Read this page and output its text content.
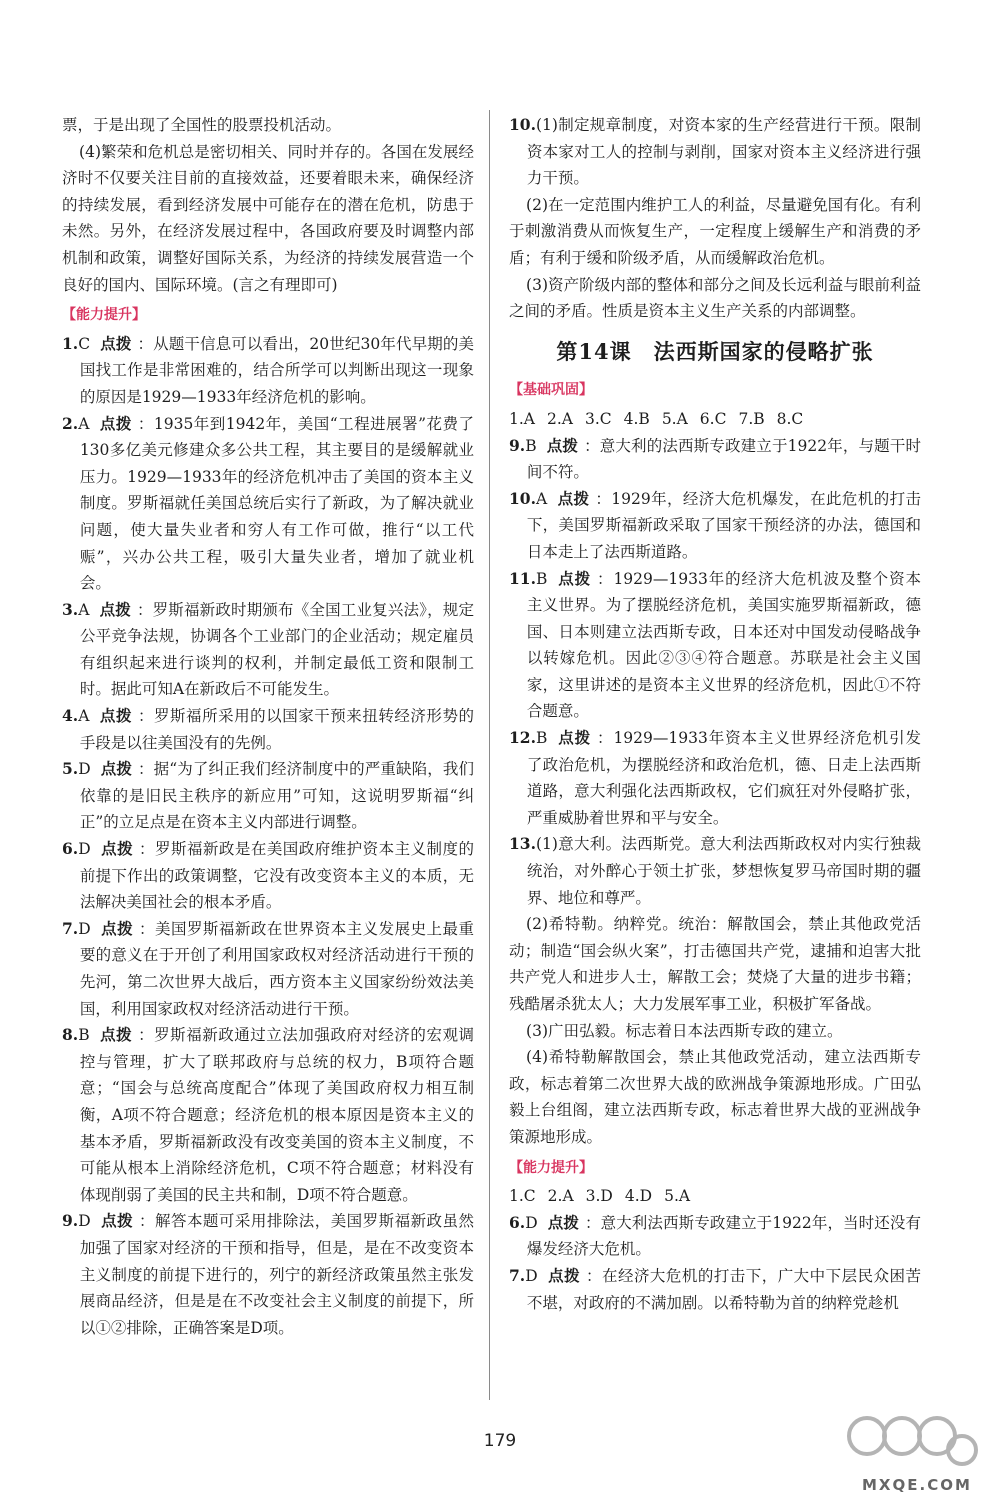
票，于是出现了全国性的股票投机活动。

(4)繁荣和危机总是密切相关、同时并存的。各国在发展经济时不仅要关注目前的直接效益，还要着眼未来，确保经济的持续发展，看到经济发展中可能存在的潜在危机，防患于未然。另外，在经济发展过程中，各国政府要及时调整内部机制和政策，调整好国际关系，为经济的持续发展营造一个良好的国内、国际环境。(言之有理即可)

【能力提升】
1.C 点拨 ：从题干信息可以看出，20世纪30年代早期的美国找工作是非常困难的，结合所学可以判断出现这一现象的原因是1929—1933年经济危机的影响。
2.A 点拨 ：1935年到1942年，美国“工程进展署”花费了130多亿美元修建众多公共工程，其主要目的是缓解就业压力。1929—1933年的经济危机冲击了美国的资本主义制度。罗斯福就任美国总统后实行了新政，为了解决就业问题，使大量失业者和穷人有工作可做，推行“以工代赈”，兴办公共工程，吸引大量失业者，增加了就业机会。
3.A 点拨 ：罗斯福新政时期颁布《全国工业复兴法》，规定公平竞争法规，协调各个工业部门的企业活动；规定雇员有组织起来进行谈判的权利，并制定最低工资和限制工时。据此可知A在新政后不可能发生。
4.A 点拨 ：罗斯福所采用的以国家干预来扭转经济形势的手段是以往美国没有的先例。
5.D 点拨 ：据“为了纠正我们经济制度中的严重缺陷，我们依靠的是旧民主秩序的新应用”可知，这说明罗斯福“纠正”的立足点是在资本主义内部进行调整。
6.D 点拨 ：罗斯福新政是在美国政府维护资本主义制度的前提下作出的政策调整，它没有改变资本主义的本质，无法解决美国社会的根本矛盾。
7.D 点拨 ：美国罗斯福新政在世界资本主义发展史上最重要的意义在于开创了利用国家政权对经济活动进行干预的先河，第二次世界大战后，西方资本主义国家纷纷效法美国，利用国家政权对经济活动进行干预。
8.B 点拨 ：罗斯福新政通过立法加强政府对经济的宏观调控与管理，扩大了联邦政府与总统的权力，B项符合题意；“国会与总统高度配合”体现了美国政府权力相互制衡，A项不符合题意；经济危机的根本原因是资本主义的基本矛盾，罗斯福新政没有改变美国的资本主义制度，不可能从根本上消除经济危机，C项不符合题意；材料没有体现削弱了美国的民主共和制，D项不符合题意。
9.D 点拨 ：解答本题可采用排除法，美国罗斯福新政虽然加强了国家对经济的干预和指导，但是，是在不改变资本主义制度的前提下进行的，列宁的新经济政策虽然主张发展商品经济，但是是在不改变社会主义制度的前提下，所以①②排除，正确答案是D项。
10.(1)制定规章制度，对资本家的生产经营进行干预。限制资本家对工人的控制与剥削，国家对资本主义经济进行强力干预。

(2)在一定范围内维护工人的利益，尽量避免国有化。有利于刺激消费从而恢复生产，一定程度上缓解生产和消费的矛盾；有利于缓和阶级矛盾，从而缓解政治危机。

(3)资产阶级内部的整体和部分之间及长远利益与眼前利益之间的矛盾。性质是资本主义生产关系的内部调整。

第14课 法西斯国家的侵略扩张
【基础巩固】
1.A 2.A 3.C 4.B 5.A 6.C 7.B 8.C
9.B 点拨 ：意大利的法西斯专政建立于1922年，与题干时间不符。
10.A 点拨 ：1929年，经济大危机爆发，在此危机的打击下，美国罗斯福新政采取了国家干预经济的办法，德国和日本走上了法西斯道路。
11.B 点拨 ：1929—1933年的经济大危机波及整个资本主义世界。为了摆脱经济危机，美国实施罗斯福新政，德国、日本则建立法西斯专政，日本还对中国发动侵略战争以转嫁危机。因此②③④符合题意。苏联是社会主义国家，这里讲述的是资本主义世界的经济危机，因此①不符合题意。
12.B 点拨 ：1929—1933年资本主义世界经济危机引发了政治危机，为摆脱经济和政治危机，德、日走上法西斯道路，意大利强化法西斯政权，它们疯狂对外侵略扩张，严重威胁着世界和平与安全。
13.(1)意大利。法西斯党。意大利法西斯政权对内实行独裁统治，对外醉心于领土扩张，梦想恢复罗马帝国时期的疆界、地位和尊严。

(2)希特勒。纳粹党。统治：解散国会，禁止其他政党活动；制造“国会纵火案”，打击德国共产党，逮捕和迫害大批共产党人和进步人士，解散工会；焚烧了大量的进步书籍；残酷屠杀犹太人；大力发展军事工业，积极扩军备战。

(3)广田弘毅。标志着日本法西斯专政的建立。

(4)希特勒解散国会，禁止其他政党活动，建立法西斯专政，标志着第二次世界大战的欧洲战争策源地形成。广田弘毅上台组阁，建立法西斯专政，标志着世界大战的亚洲战争策源地形成。

【能力提升】
1.C 2.A 3.D 4.D 5.A
6.D 点拨 ：意大利法西斯专政建立于1922年，当时还没有爆发经济大危机。
7.D 点拨 ：在经济大危机的打击下，广大中下层民众困苦不堪，对政府的不满加剧。以希特勒为首的纳粹党趁机
179
MXQE.COM
